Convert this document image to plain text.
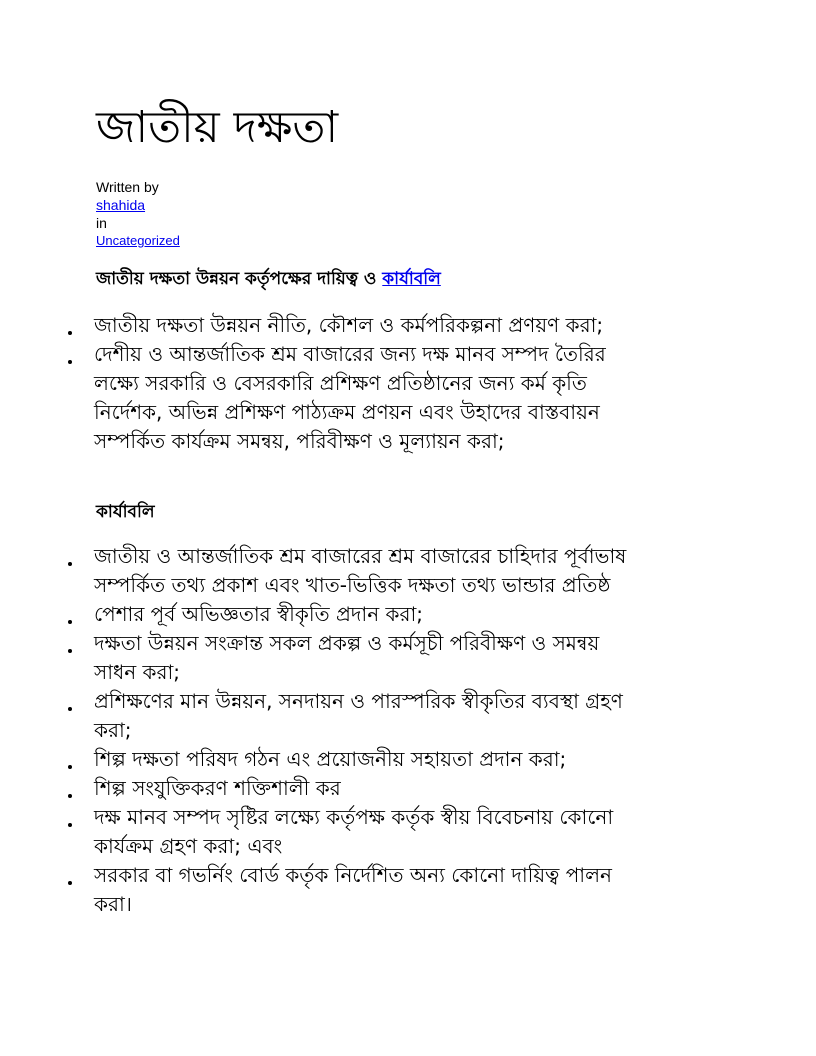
জাতীয় দক্ষতা
Written by
shahida
in
Uncategorized
জাতীয় দক্ষতা উন্নয়ন কর্তৃপক্ষের দায়িত্ব ও কার্যাবলি
জাতীয় দক্ষতা উন্নয়ন নীতি, কৌশল ও কর্মপরিকল্পনা প্রণয়ণ করা;
দেশীয় ও আন্তর্জাতিক শ্রম বাজারের জন্য দক্ষ মানব সম্পদ তৈরির
লক্ষ্যে সরকারি ও বেসরকারি প্রশিক্ষণ প্রতিষ্ঠানের জন্য কর্ম কৃতি
নির্দেশক, অভিন্ন প্রশিক্ষণ পাঠ্যক্রম প্রণয়ন এবং উহাদের বাস্তবায়ন
সম্পর্কিত কার্যক্রম সমন্বয়, পরিবীক্ষণ ও মূল্যায়ন করা;
কার্যাবলি
জাতীয় ও আন্তর্জাতিক শ্রম বাজারের শ্রম বাজারের চাহিদার পূর্বাভাষ
সম্পর্কিত তথ্য প্রকাশ এবং খাত-ভিত্তিক দক্ষতা তথ্য ভান্ডার প্রতিষ্ঠ
পেশার পূর্ব অভিজ্ঞতার স্বীকৃতি প্রদান করা;
দক্ষতা উন্নয়ন সংক্রান্ত সকল প্রকল্প ও কর্মসূচী পরিবীক্ষণ ও সমন্বয়
সাধন করা;
প্রশিক্ষণের মান উন্নয়ন, সনদায়ন ও পারস্পরিক স্বীকৃতির ব্যবস্থা গ্রহণ
করা;
শিল্প দক্ষতা পরিষদ গঠন এং প্রয়োজনীয় সহায়তা প্রদান করা;
শিল্প সংযুক্তিকরণ শক্তিশালী কর
দক্ষ মানব সম্পদ সৃষ্টির লক্ষ্যে কর্তৃপক্ষ কর্তৃক স্বীয় বিবেচনায় কোনো
কার্যক্রম গ্রহণ করা; এবং
সরকার বা গভর্নিং বোর্ড কর্তৃক নির্দেশিত অন্য কোনো দায়িত্ব পালন
করা।
